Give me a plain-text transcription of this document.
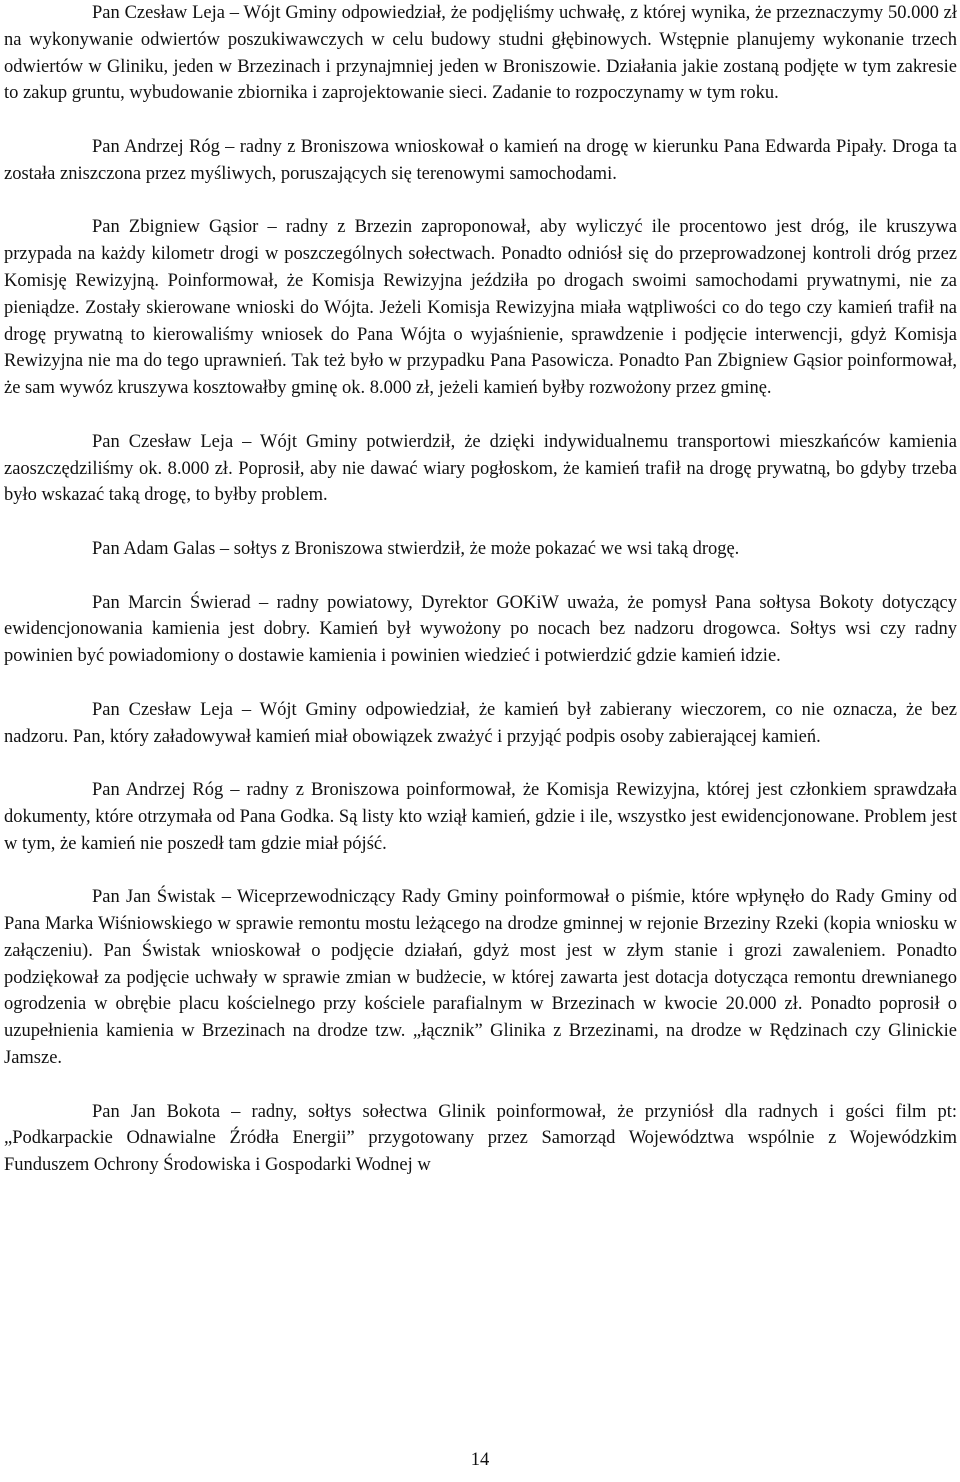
Pan Czesław Leja – Wójt Gminy odpowiedział, że podjęliśmy uchwałę, z której wynika, że przeznaczymy 50.000 zł na wykonywanie odwiertów poszukiwawczych w celu budowy studni głębinowych. Wstępnie planujemy wykonanie trzech odwiertów w Gliniku, jeden w Brzezinach i przynajmniej jeden w Broniszowie. Działania jakie zostaną podjęte w tym zakresie to zakup gruntu, wybudowanie zbiornika i zaprojektowanie sieci. Zadanie to rozpoczynamy w tym roku.

Pan Andrzej Róg – radny z Broniszowa wnioskował o kamień na drogę w kierunku Pana Edwarda Pipały. Droga ta została zniszczona przez myśliwych, poruszających się terenowymi samochodami.

Pan Zbigniew Gąsior – radny z Brzezin zaproponował, aby wyliczyć ile procentowo jest dróg, ile kruszywa przypada na każdy kilometr drogi w poszczególnych sołectwach. Ponadto odniósł się do przeprowadzonej kontroli dróg przez Komisję Rewizyjną. Poinformował, że Komisja Rewizyjna jeździła po drogach swoimi samochodami prywatnymi, nie za pieniądze. Zostały skierowane wnioski do Wójta. Jeżeli Komisja Rewizyjna miała wątpliwości co do tego czy kamień trafił na drogę prywatną to kierowaliśmy wniosek do Pana Wójta o wyjaśnienie, sprawdzenie i podjęcie interwencji, gdyż Komisja Rewizyjna nie ma do tego uprawnień. Tak też było w przypadku Pana Pasowicza. Ponadto Pan Zbigniew Gąsior poinformował, że sam wywóz kruszywa kosztowałby gminę ok. 8.000 zł, jeżeli kamień byłby rozwożony przez gminę.

Pan Czesław Leja – Wójt Gminy potwierdził, że dzięki indywidualnemu transportowi mieszkańców kamienia zaoszczędziliśmy ok. 8.000 zł. Poprosił, aby nie dawać wiary pogłoskom, że kamień trafił na drogę prywatną, bo gdyby trzeba było wskazać taką drogę, to byłby problem.

Pan Adam Galas – sołtys z Broniszowa stwierdził, że może pokazać we wsi taką drogę.

Pan Marcin Świerad – radny powiatowy, Dyrektor GOKiW uważa, że pomysł Pana sołtysa Bokoty dotyczący ewidencjonowania kamienia jest dobry. Kamień był wywożony po nocach bez nadzoru drogowca. Sołtys wsi czy radny powinien być powiadomiony o dostawie kamienia i powinien wiedzieć i potwierdzić gdzie kamień idzie.

Pan Czesław Leja – Wójt Gminy odpowiedział, że kamień był zabierany wieczorem, co nie oznacza, że bez nadzoru. Pan, który załadowywał kamień miał obowiązek zważyć i przyjąć podpis osoby zabierającej kamień.

Pan Andrzej Róg – radny z Broniszowa poinformował, że Komisja Rewizyjna, której jest członkiem sprawdzała dokumenty, które otrzymała od Pana Godka. Są listy kto wziął kamień, gdzie i ile, wszystko jest ewidencjonowane. Problem jest w tym, że kamień nie poszedł tam gdzie miał pójść.

Pan Jan Świstak – Wiceprzewodniczący Rady Gminy poinformował o piśmie, które wpłynęło do Rady Gminy od Pana Marka Wiśniowskiego w sprawie remontu mostu leżącego na drodze gminnej w rejonie Brzeziny Rzeki (kopia wniosku w załączeniu). Pan Świstak wnioskował o podjęcie działań, gdyż most jest w złym stanie i grozi zawaleniem. Ponadto podziękował za podjęcie uchwały w sprawie zmian w budżecie, w której zawarta jest dotacja dotycząca remontu drewnianego ogrodzenia w obrębie placu kościelnego przy kościele parafialnym w Brzezinach w kwocie 20.000 zł. Ponadto poprosił o uzupełnienia kamienia w Brzezinach na drodze tzw. „łącznik” Glinika z Brzezinami, na drodze w Rędzinach czy Glinickie Jamsze.

Pan Jan Bokota – radny, sołtys sołectwa Glinik poinformował, że przyniósł dla radnych i gości film pt: „Podkarpackie Odnawialne Źródła Energii” przygotowany przez Samorząd Województwa wspólnie z Wojewódzkim Funduszem Ochrony Środowiska i Gospodarki Wodnej w

14
